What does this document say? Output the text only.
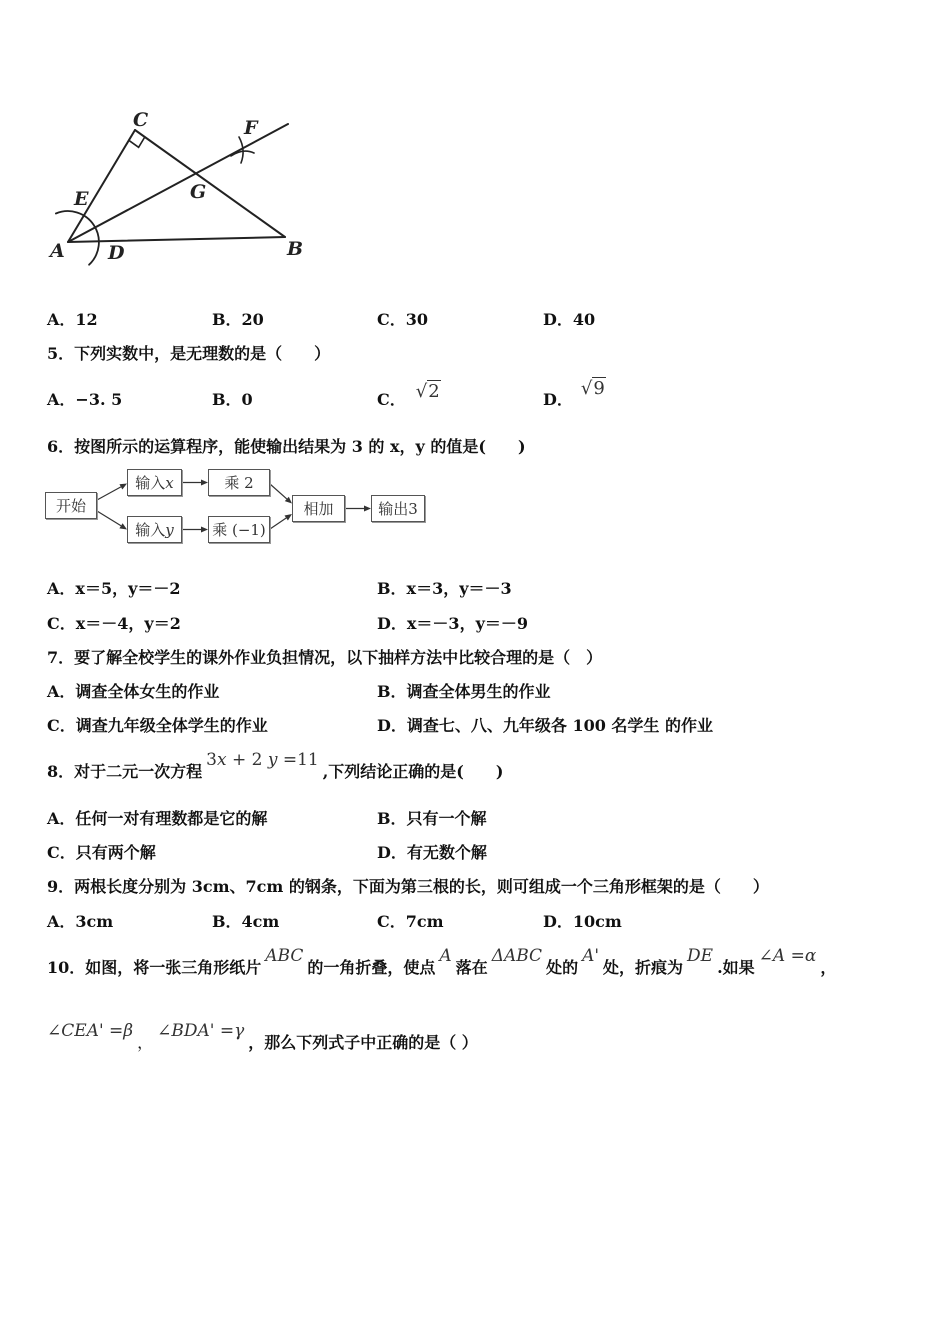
C	F
E	G
A D	B
A．12	B．20	C．30	D．40
5．下列实数中，是无理数的是（　　）
A．−3. 5	B．0	C． √2	D．√9
6．按图所示的运算程序，能使输出结果为 3 的 x，y 的值是(　　)
开始
输入 x	乘 2
输入 y	乘 (−1)
相加	输出3
A．x＝5，y＝－2	B．x＝3，y＝－3
C．x＝－4，y＝2	D．x＝－3，y＝－9
7．要了解全校学生的课外作业负担情况，以下抽样方法中比较合理的是（　）
A．调查全体女生的作业	B．调查全体男生的作业
C．调查九年级全体学生的作业	D．调查七、八、九年级各 100 名学生 的作业
8．对于二元一次方程3x + 2 y =11,下列结论正确的是(　　)
A．任何一对有理数都是它的解	B．只有一个解
C．只有两个解	D．有无数个解
9．两根长度分别为 3cm、7cm 的钢条，下面为第三根的长，则可组成一个三角形框架的是（　　）
A．3cm	B．4cm	C．7cm	D．10cm
10．如图，将一张三角形纸片ABC的一角折叠，使点A落在ΔABC处的A'处，折痕为DE.如果∠A =α，
∠CEA' =β，∠BDA' =γ，那么下列式子中正确的是（ ）
